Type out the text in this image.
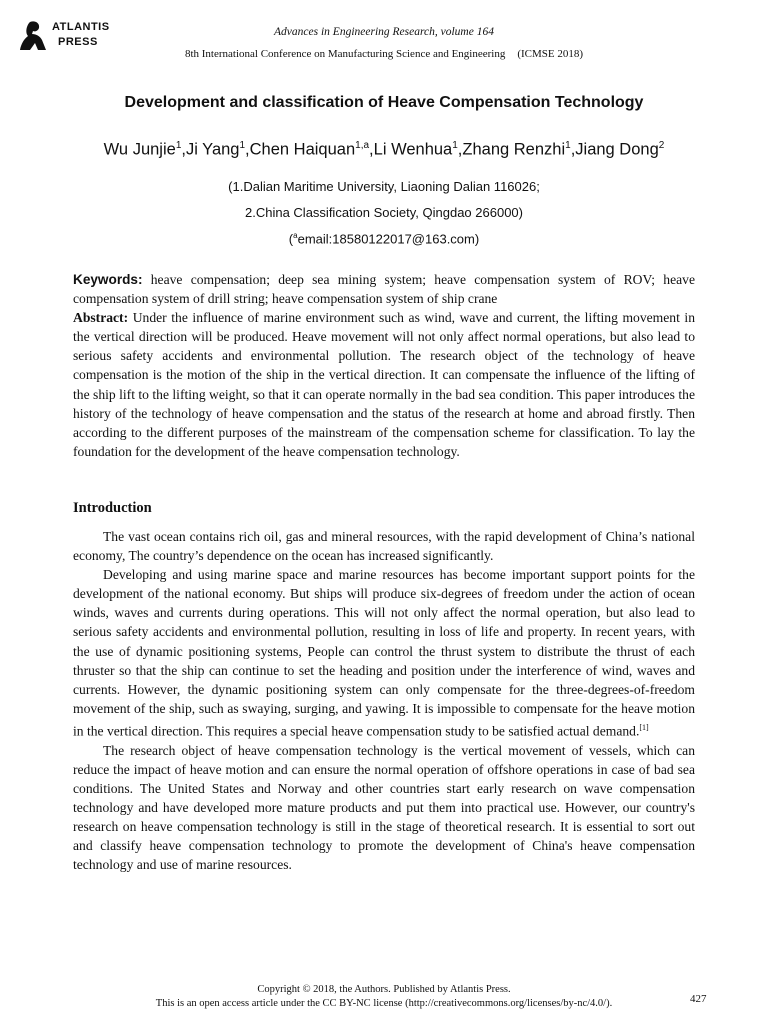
ATLANTIS
PRESS
Advances in Engineering Research, volume 164
8th International Conference on Manufacturing Science and Engineering (ICMSE 2018)
Development and classification of Heave Compensation Technology
Wu Junjie$^1$,Ji Yang$^1$,Chen Haiquan$^{1,a}$,Li Wenhua$^1$,Zhang Renzhi$^1$,Jiang Dong$^2$
(1.Dalian Maritime University, Liaoning Dalian 116026;
2.China Classification Society, Qingdao 266000)
($^a$email:18580122017@163.com)

Keywords: heave compensation; deep sea mining system; heave compensation system of ROV; heave compensation system of drill string; heave compensation system of ship crane

Abstract: Under the influence of marine environment such as wind, wave and current, the lifting movement in the vertical direction will be produced. Heave movement will not only affect normal operations, but also lead to serious safety accidents and environmental pollution. The research object of the technology of heave compensation is the motion of the ship in the vertical direction. It can compensate the influence of the lifting of the ship lift to the lifting weight, so that it can operate normally in the bad sea condition. This paper introduces the history of the technology of heave compensation and the status of the research at home and abroad firstly. Then according to the different purposes of the mainstream of the compensation scheme for classification. To lay the foundation for the development of the heave compensation technology.

Introduction

The vast ocean contains rich oil, gas and mineral resources, with the rapid development of China’s national economy, The country’s dependence on the ocean has increased significantly.

Developing and using marine space and marine resources has become important support points for the development of the national economy. But ships will produce six-degrees of freedom under the action of ocean winds, waves and currents during operations. This will not only affect the normal operation, but also lead to serious safety accidents and environmental pollution, resulting in loss of life and property. In recent years, with the use of dynamic positioning systems, People can control the thrust system to distribute the thrust of each thruster so that the ship can continue to set the heading and position under the interference of wind, waves and currents. However, the dynamic positioning system can only compensate for the three-degrees-of-freedom movement of the ship, such as swaying, surging, and yawing. It is impossible to compensate for the heave motion in the vertical direction. This requires a special heave compensation study to be satisfied actual demand.[1]

The research object of heave compensation technology is the vertical movement of vessels, which can reduce the impact of heave motion and can ensure the normal operation of offshore operations in case of bad sea conditions. The United States and Norway and other countries start early research on wave compensation technology and have developed more mature products and put them into practical use. However, our country's research on heave compensation technology is still in the stage of theoretical research. It is essential to sort out and classify heave compensation technology to promote the development of China's heave compensation technology and use of marine resources.

Copyright © 2018, the Authors. Published by Atlantis Press.
This is an open access article under the CC BY-NC license (http://creativecommons.org/licenses/by-nc/4.0/).	427
